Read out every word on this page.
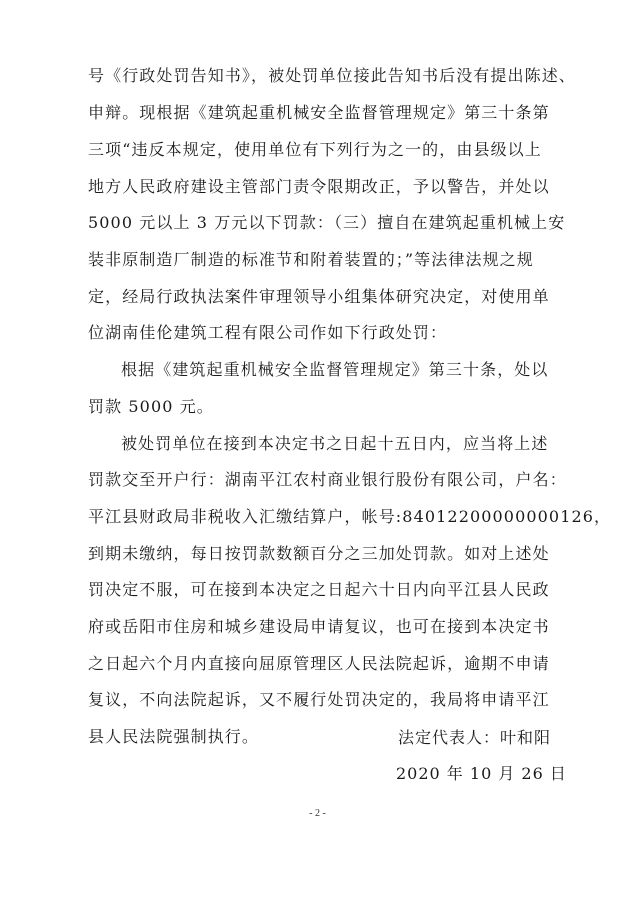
号《行政处罚告知书》，被处罚单位接此告知书后没有提出陈述、
申辩。现根据《建筑起重机械安全监督管理规定》第三十条第
三项“违反本规定，使用单位有下列行为之一的，由县级以上
地方人民政府建设主管部门责令限期改正，予以警告，并处以
5000 元以上 3 万元以下罚款：（三）擅自在建筑起重机械上安
装非原制造厂制造的标准节和附着装置的；”等法律法规之规
定，经局行政执法案件审理领导小组集体研究决定，对使用单
位湖南佳伦建筑工程有限公司作如下行政处罚：
根据《建筑起重机械安全监督管理规定》第三十条，处以
罚款 5000 元。
被处罚单位在接到本决定书之日起十五日内，应当将上述
罚款交至开户行：湖南平江农村商业银行股份有限公司，户名：
平江县财政局非税收入汇缴结算户，帐号:84012200000000126，
到期未缴纳，每日按罚款数额百分之三加处罚款。如对上述处
罚决定不服，可在接到本决定之日起六十日内向平江县人民政
府或岳阳市住房和城乡建设局申请复议，也可在接到本决定书
之日起六个月内直接向屈原管理区人民法院起诉，逾期不申请
复议，不向法院起诉，又不履行处罚决定的，我局将申请平江
县人民法院强制执行。	法定代表人：叶和阳
2020 年 10 月 26 日
- 2 -
